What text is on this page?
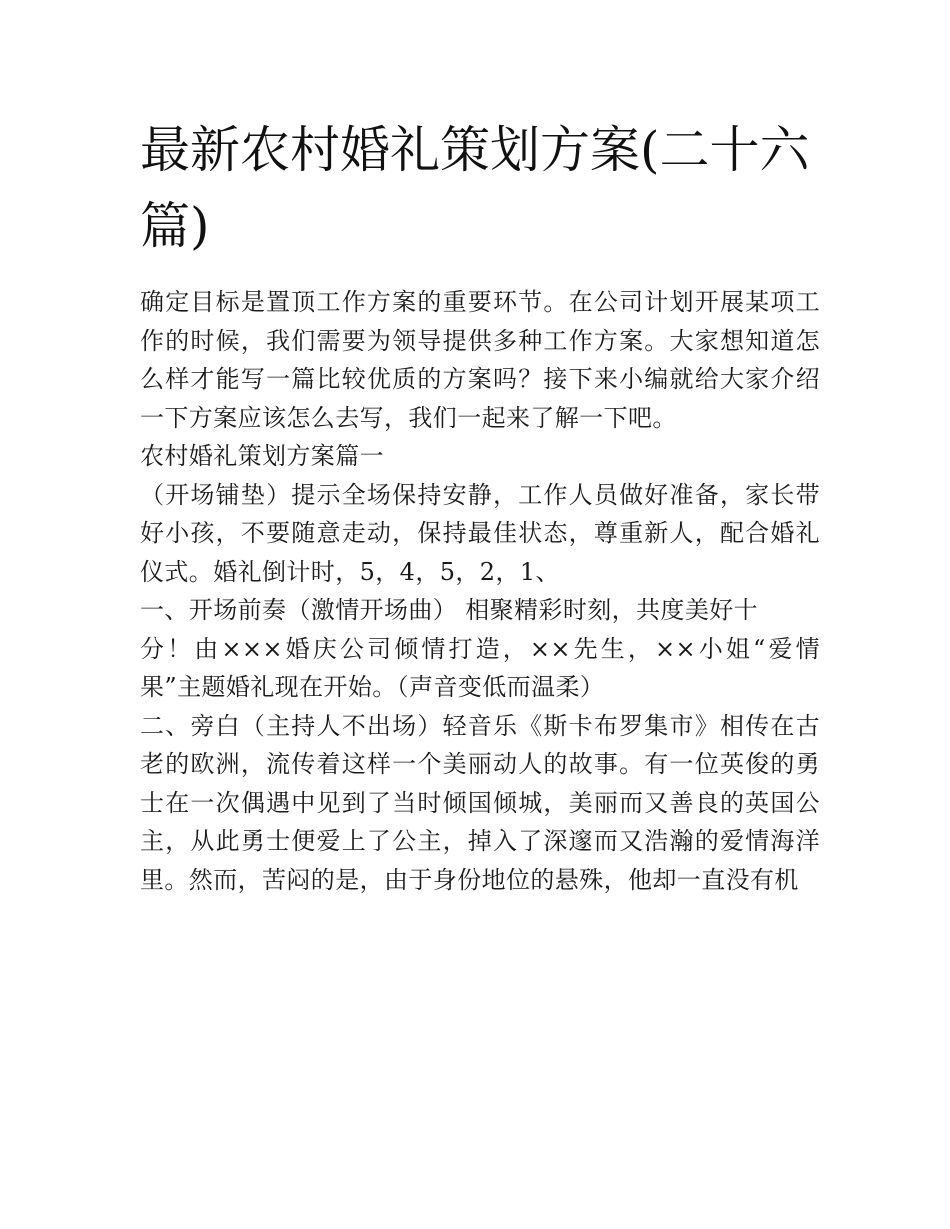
最新农村婚礼策划方案(二十六篇)

确定目标是置顶工作方案的重要环节。在公司计划开展某项工作的时候，我们需要为领导提供多种工作方案。大家想知道怎么样才能写一篇比较优质的方案吗？接下来小编就给大家介绍一下方案应该怎么去写，我们一起来了解一下吧。

农村婚礼策划方案篇一

（开场铺垫）提示全场保持安静，工作人员做好准备，家长带好小孩，不要随意走动，保持最佳状态，尊重新人，配合婚礼仪式。婚礼倒计时，5，4，5，2，1、

一、开场前奏（激情开场曲） 相聚精彩时刻，共度美好十

分！由×××婚庆公司倾情打造，××先生，××小姐“爱情果”主题婚礼现在开始。（声音变低而温柔）

二、旁白（主持人不出场）轻音乐《斯卡布罗集市》相传在古老的欧洲，流传着这样一个美丽动人的故事。有一位英俊的勇士在一次偶遇中见到了当时倾国倾城，美丽而又善良的英国公主，从此勇士便爱上了公主，掉入了深邃而又浩瀚的爱情海洋里。然而，苦闷的是，由于身份地位的悬殊，他却一直没有机
